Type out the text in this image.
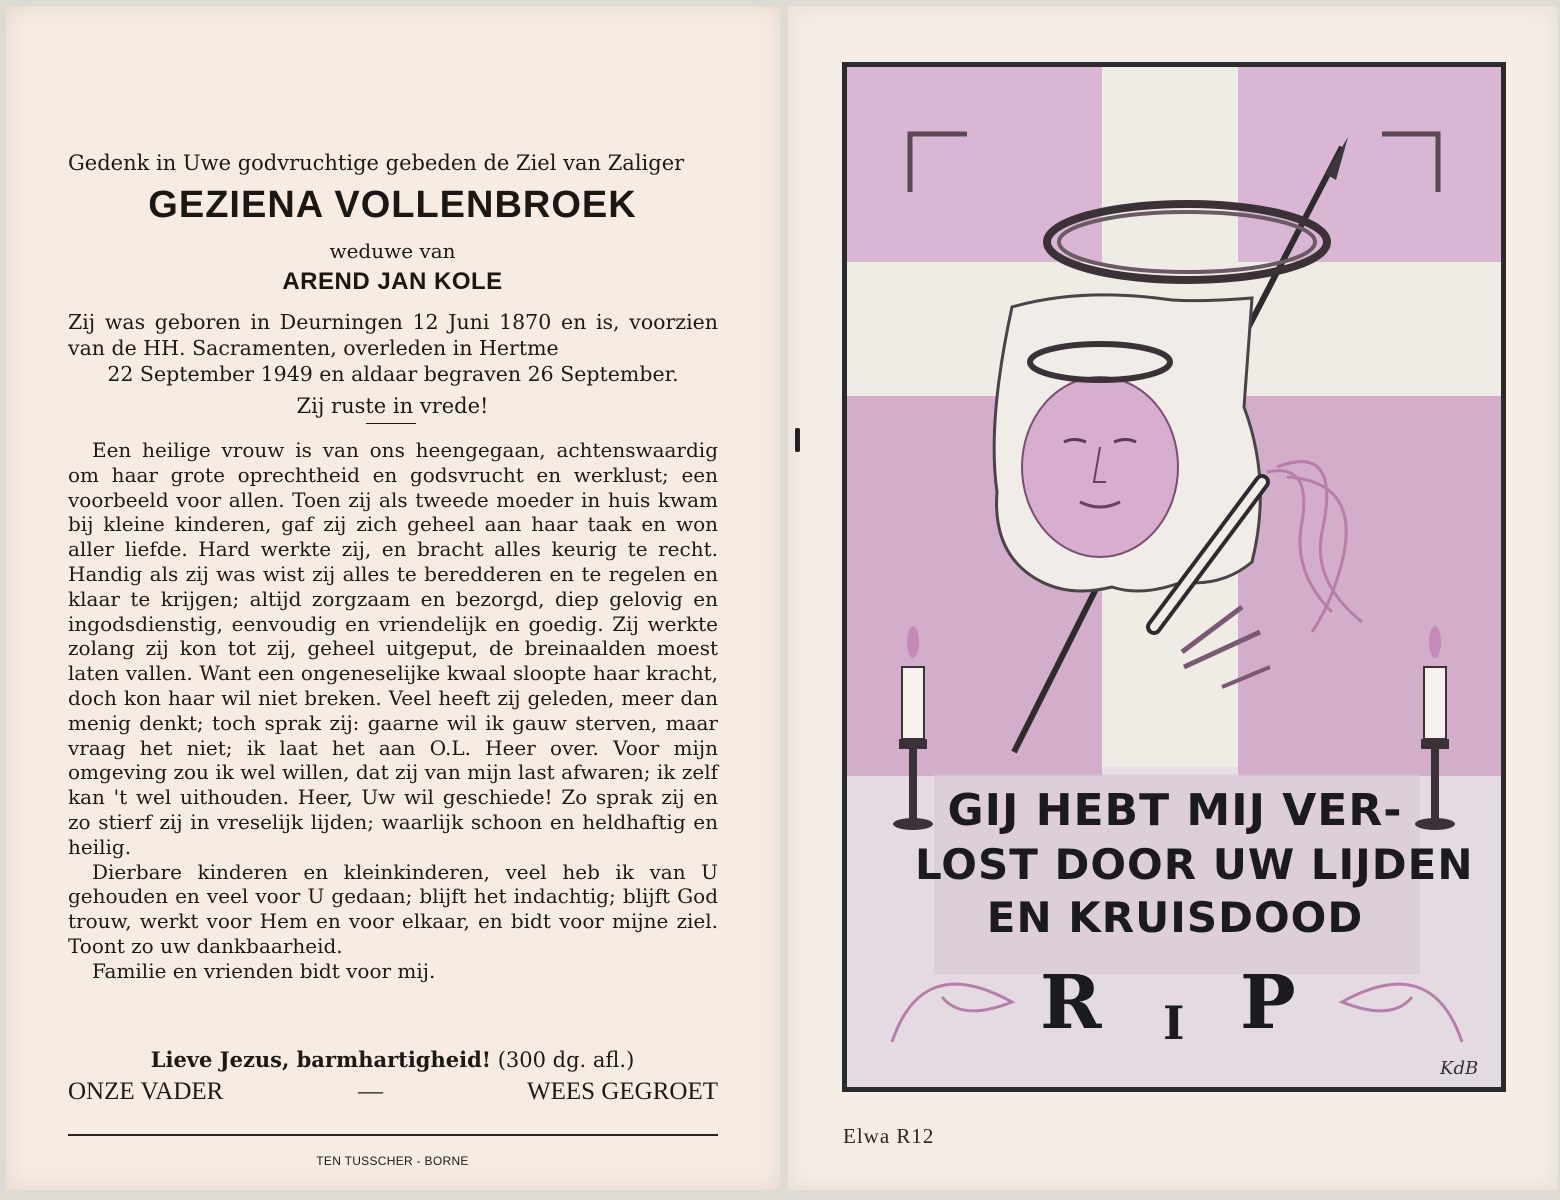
Gedenk in Uwe godvruchtige gebeden de Ziel van Zaliger
GEZIENA VOLLENBROEK
weduwe van
AREND JAN KOLE
Zij was geboren in Deurningen 12 Juni 1870 en is, voorzien van de HH. Sacramenten, overleden in Hertme
22 September 1949 en aldaar begraven 26 September.
Zij ruste in vrede!

Een heilige vrouw is van ons heengegaan, achtenswaardig om haar grote oprechtheid en godsvrucht en werklust; een voorbeeld voor allen. Toen zij als tweede moeder in huis kwam bij kleine kinderen, gaf zij zich geheel aan haar taak en won aller liefde. Hard werkte zij, en bracht alles keurig te recht. Handig als zij was wist zij alles te beredderen en te regelen en klaar te krijgen; altijd zorgzaam en bezorgd, diep gelovig en ingodsdienstig, eenvoudig en vriendelijk en goedig. Zij werkte zolang zij kon tot zij, geheel uitgeput, de breinaalden moest laten vallen. Want een ongeneselijke kwaal sloopte haar kracht, doch kon haar wil niet breken. Veel heeft zij geleden, meer dan menig denkt; toch sprak zij: gaarne wil ik gauw sterven, maar vraag het niet; ik laat het aan O.L. Heer over. Voor mijn omgeving zou ik wel willen, dat zij van mijn last afwaren; ik zelf kan 't wel uithouden. Heer, Uw wil geschiede! Zo sprak zij en zo stierf zij in vreselijk lijden; waarlijk schoon en heldhaftig en heilig.

Dierbare kinderen en kleinkinderen, veel heb ik van U gehouden en veel voor U gedaan; blijft het indachtig; blijft God trouw, werkt voor Hem en voor elkaar, en bidt voor mijne ziel. Toont zo uw dankbaarheid.

Familie en vrienden bidt voor mij.

Lieve Jezus, barmhartigheid! (300 dg. afl.)
ONZE VADER	—	WEES GEGROET
TEN TUSSCHER - BORNE
GIJ HEBT MIJ VER-
LOST DOOR UW LIJDEN
EN KRUISDOOD
R I P
KdB
Elwa R12
